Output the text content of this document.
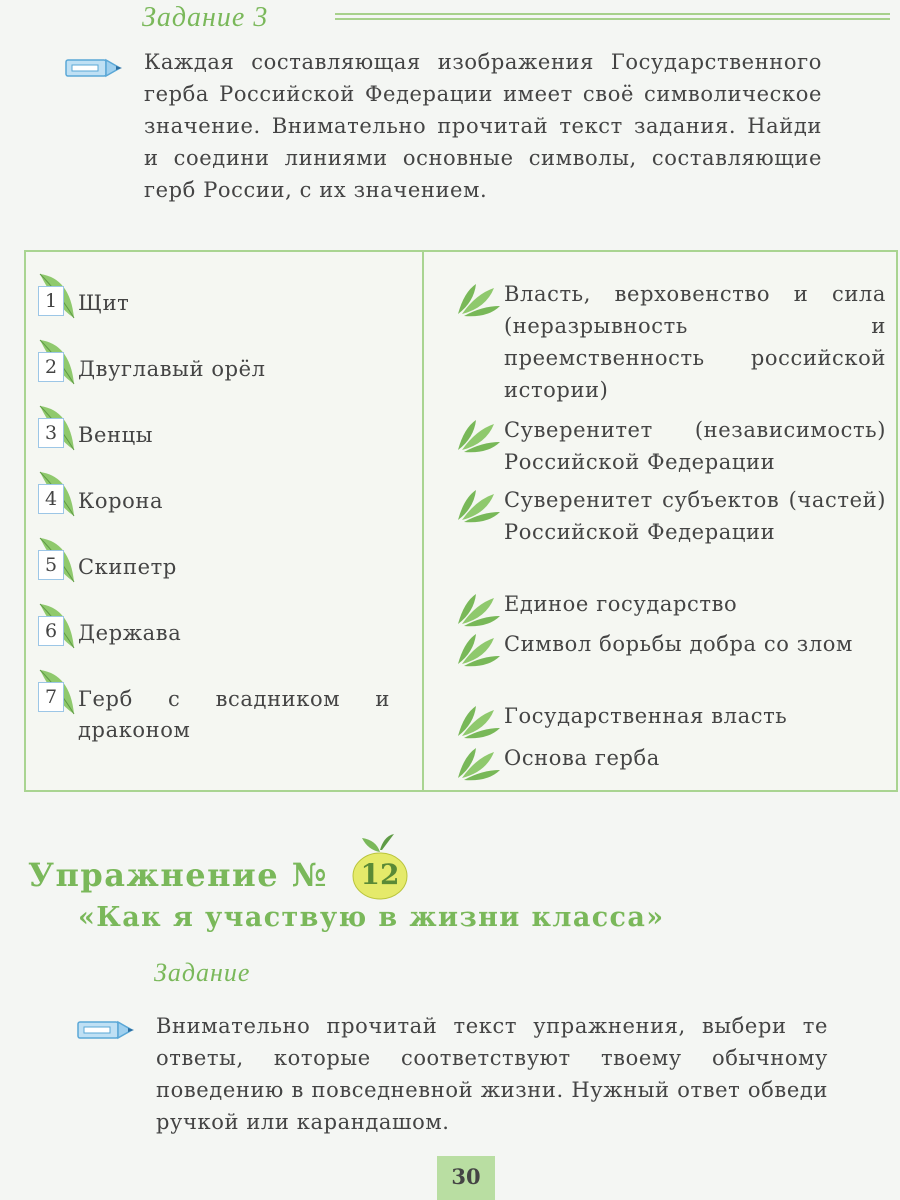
Задание 3
Каждая составляющая изображения Государственного герба Российской Федерации имеет своё символическое значение. Внимательно прочитай текст задания. Найди и соедини линиями основные символы, составляющие герб России, с их значением.
1 Щит
2 Двуглавый орёл
3 Венцы
4 Корона
5 Скипетр
6 Держава
7 Герб с всадником и драконом
Власть, верховенство и сила (неразрывность и преемственность российской истории)
Суверенитет (независимость) Российской Федерации
Суверенитет субъектов (частей) Российской Федерации
Единое государство
Символ борьбы добра со злом
Государственная власть
Основа герба
Упражнение №	12
«Как я участвую в жизни класса»
Задание
Внимательно прочитай текст упражнения, выбери те ответы, которые соответствуют твоему обычному поведению в повседневной жизни. Нужный ответ обведи ручкой или карандашом.
30
